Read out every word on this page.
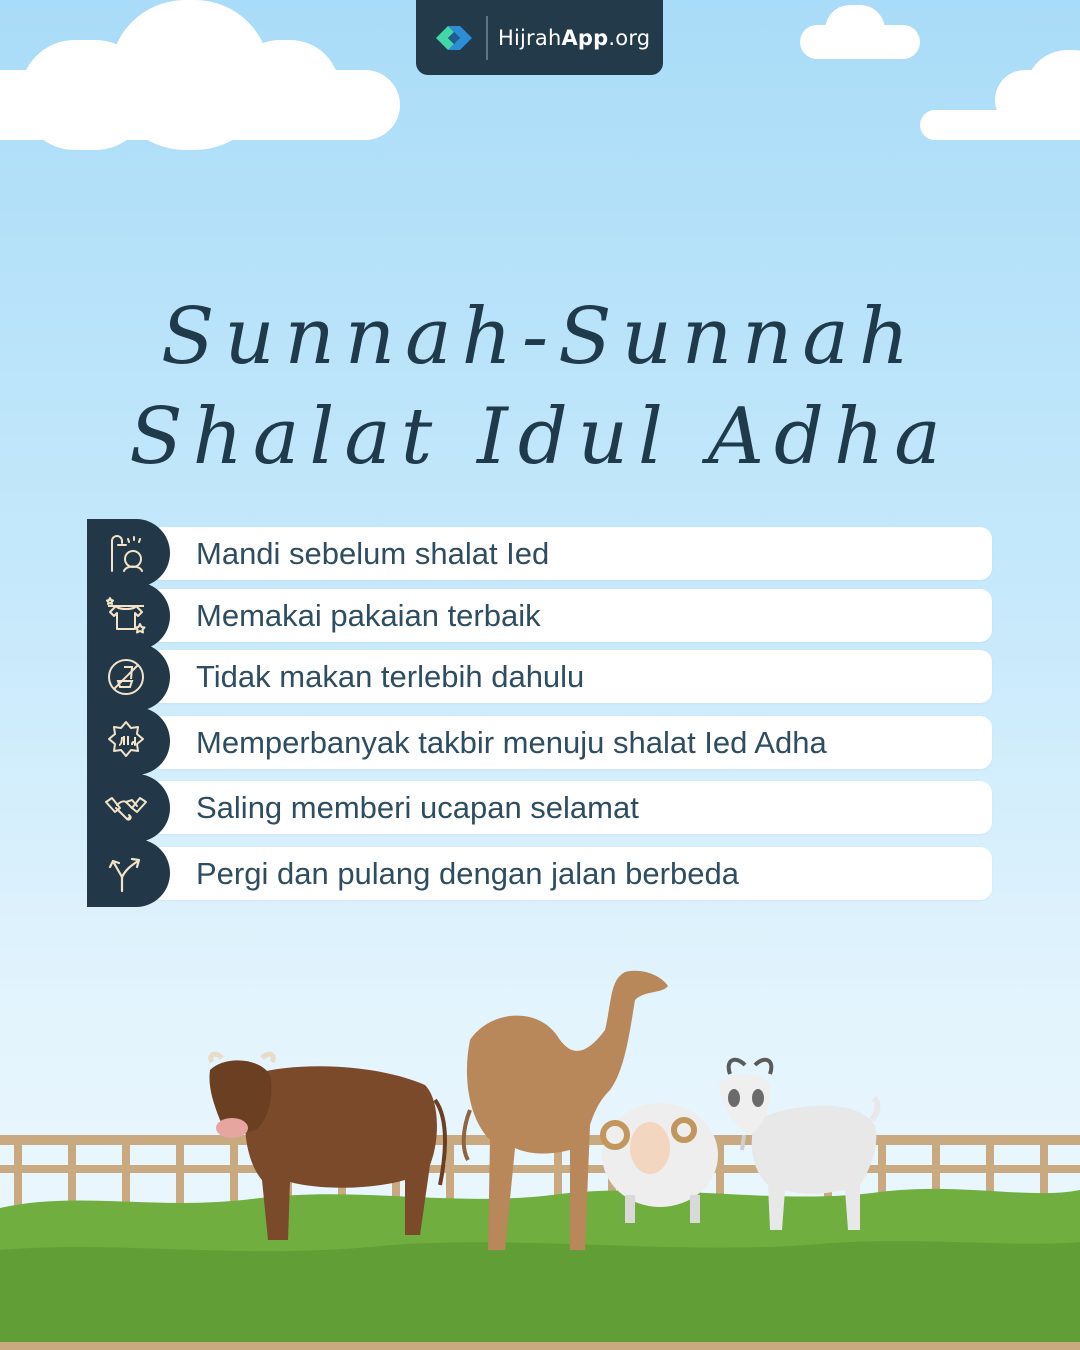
HijrahApp.org
Sunnah-Sunnah
Shalat Idul Adha
Mandi sebelum shalat Ied
Memakai pakaian terbaik
Tidak makan terlebih dahulu
Memperbanyak takbir menuju shalat Ied Adha
Saling memberi ucapan selamat
Pergi dan pulang dengan jalan berbeda
